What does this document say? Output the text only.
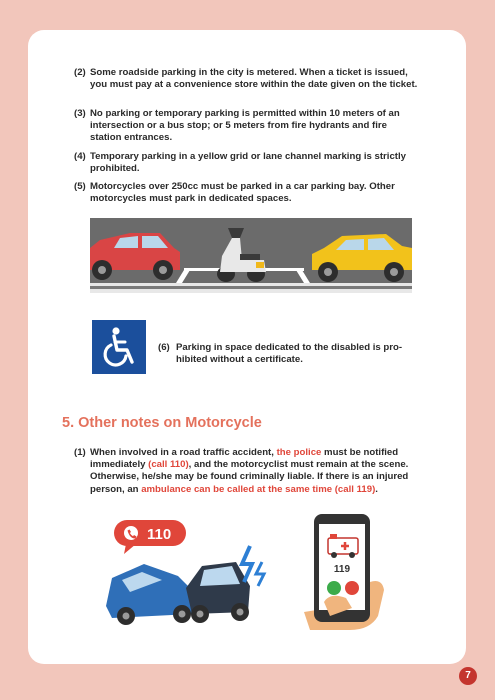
(2) Some roadside parking in the city is metered. When a ticket is issued, you must pay at a convenience store within the date given on the ticket.
(3) No parking or temporary parking is permitted within 10 meters of an intersection or a bus stop; or 5 meters from fire hydrants and fire station entrances.
(4) Temporary parking in a yellow grid or lane channel marking is strictly prohibited.
(5) Motorcycles over 250cc must be parked in a car parking bay. Other motorcycles must park in dedicated spaces.
(6) Parking in space dedicated to the disabled is pro-hibited without a certificate.
5. Other notes on Motorcycle
(1) When involved in a road traffic accident, the police must be notified immediately (call 110), and the motorcyclist must remain at the scene. Otherwise, he/she may be found criminally liable. If there is an injured person, an ambulance can be called at the same time (call 119).
110
119
7
